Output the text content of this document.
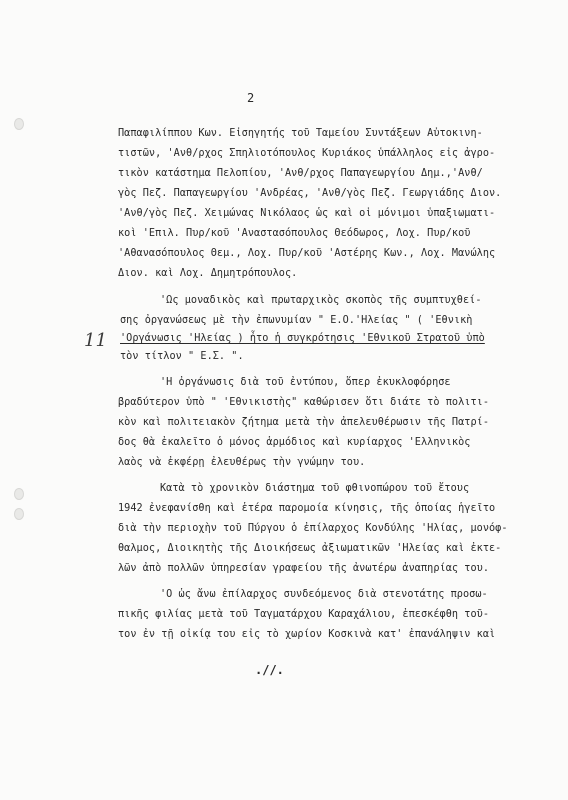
2
Παπαφιλίππου Κων. Εἰσηγητής τοῦ Ταμείου Συντάξεων Αὐτοκινη-
τιστῶν, 'Ανθ/ρχος Σπηλιοτόπουλος Κυριάκος ὑπάλληλος εἰς ἀγρο-
τικὸν κατάστημα Πελοπίου, 'Ανθ/ρχος Παπαγεωργίου Δημ.,'Ανθ/
γὸς Πεζ. Παπαγεωργίου 'Ανδρέας, 'Ανθ/γὸς Πεζ. Γεωργιάδης Διον.
'Ανθ/γὸς Πεζ. Χειμώνας Νικόλαος ὡς καὶ οἱ μόνιμοι ὑπαξιωματι-
κοὶ 'Επιλ. Πυρ/κοῦ 'Αναστασόπουλος Θεόδωρος, Λοχ. Πυρ/κοῦ
'Αθανασόπουλος Θεμ., Λοχ. Πυρ/κοῦ 'Αστέρης Κων., Λοχ. Μανώλης
Διον. καὶ Λοχ. Δημητρόπουλος.
'Ως μοναδικὸς καὶ πρωταρχικὸς σκοπὸς τῆς συμπτυχθεί-
σης ὀργανώσεως μὲ τὴν ἐπωνυμίαν " Ε.Ο.'Ηλείας " ( 'Εθνικὴ
'Οργάνωσις 'Ηλείας ) ἦτο ἡ συγκρότησις 'Εθνικοῦ Στρατοῦ ὑπὸ
τὸν τίτλον " Ε.Σ. ".
11
'Η ὀργάνωσις διὰ τοῦ ἐντύπου, ὅπερ ἐκυκλοφόρησε
βραδύτερον ὑπὸ " 'Εθνικιστὴς" καθώρισεν ὅτι διάτε τὸ πολιτι-
κὸν καὶ πολιτειακὸν ζήτημα μετὰ τὴν ἀπελευθέρωσιν τῆς Πατρί-
δος θὰ ἐκαλεῖτο ὁ μόνος ἁρμόδιος καὶ κυρίαρχος 'Ελληνικὸς
λαὸς νὰ ἐκφέρῃ ἐλευθέρως τὴν γνώμην του.
Κατὰ τὸ χρονικὸν διάστημα τοῦ φθινοπώρου τοῦ ἔτους
1942 ἐνεφανίσθη καὶ ἑτέρα παρομοία κίνησις, τῆς ὁποίας ἡγεῖτο
διὰ τὴν περιοχὴν τοῦ Πύργου ὁ ἐπίλαρχος Κονδύλης 'Ηλίας, μονόφ-
θαλμος, Διοικητὴς τῆς Διοικήσεως ἀξιωματικῶν 'Ηλείας καὶ ἐκτε-
λῶν ἀπὸ πολλῶν ὑπηρεσίαν γραφείου τῆς ἀνωτέρω ἀναπηρίας του.
'Ο ὡς ἄνω ἐπίλαρχος συνδεόμενος διὰ στενοτάτης προσω-
πικῆς φιλίας μετὰ τοῦ Ταγματάρχου Καραχάλιου, ἐπεσκέφθη τοῦ-
τον ἐν τῇ οἰκίᾳ του εἰς τὸ χωρίον Κοσκινὰ κατ' ἐπανάληψιν καὶ
.//.
